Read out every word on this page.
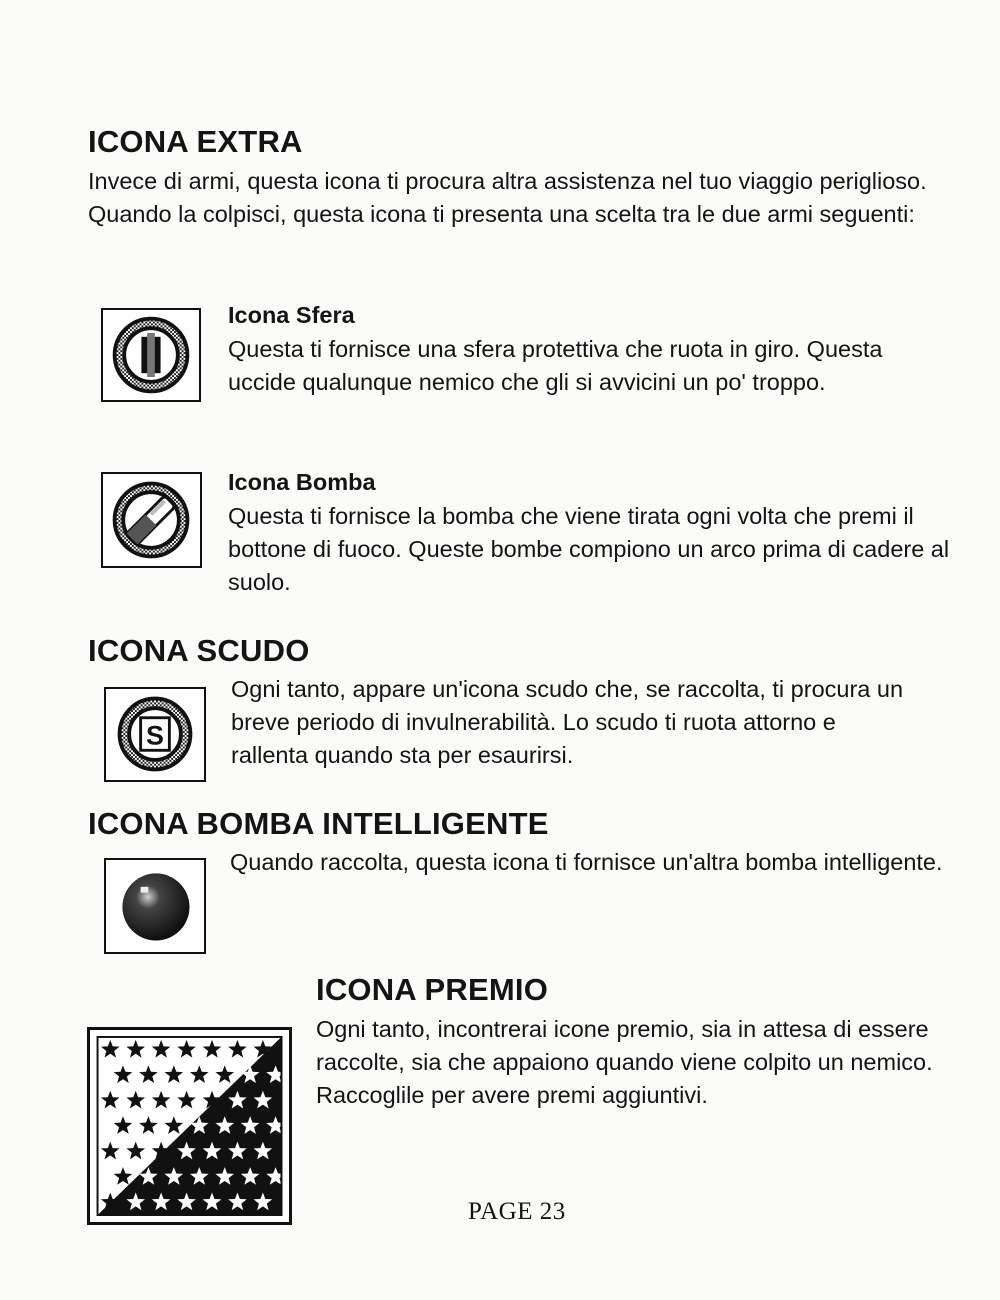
ICONA EXTRA

Invece di armi, questa icona ti procura altra assistenza nel tuo viaggio periglioso. Quando la colpisci, questa icona ti presenta una scelta tra le due armi seguenti:

Icona Sfera

Questa ti fornisce una sfera protettiva che ruota in giro. Questa uccide qualunque nemico che gli si avvicini un po' troppo.

Icona Bomba

Questa ti fornisce la bomba che viene tirata ogni volta che premi il bottone di fuoco. Queste bombe compiono un arco prima di cadere al suolo.

ICONA SCUDO
S

Ogni tanto, appare un'icona scudo che, se raccolta, ti procura un breve periodo di invulnerabilità. Lo scudo ti ruota attorno e rallenta quando sta per esaurirsi.

ICONA BOMBA INTELLIGENTE

Quando raccolta, questa icona ti fornisce un'altra bomba intelligente.

ICONA PREMIO

Ogni tanto, incontrerai icone premio, sia in attesa di essere raccolte, sia che appaiono quando viene colpito un nemico. Raccoglile per avere premi aggiuntivi.

PAGE 23
